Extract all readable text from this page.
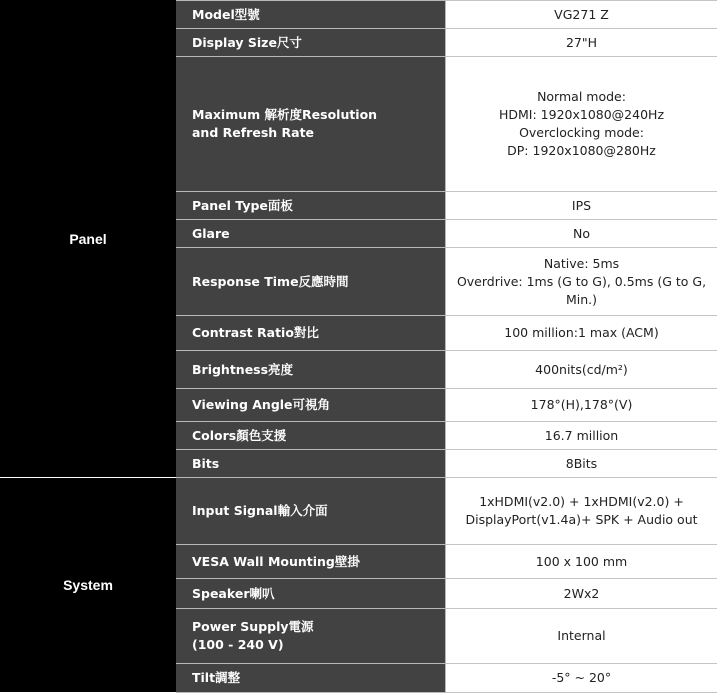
Panel	Model型號	VG271 Z
	Display Size尺寸	27"H
	Maximum 解析度Resolution
and Refresh Rate	Normal mode:
HDMI: 1920x1080@240Hz
Overclocking mode:
DP: 1920x1080@280Hz
	Panel Type面板	IPS
	Glare	No
	Response Time反應時間	Native: 5ms
Overdrive: 1ms (G to G), 0.5ms (G to G,
Min.)
	Contrast Ratio對比	100 million:1 max (ACM)
	Brightness亮度	400nits(cd/m²)
	Viewing Angle可視角	178°(H),178°(V)
	Colors顏色支援	16.7 million
	Bits	8Bits
System	Input Signal輸入介面	1xHDMI(v2.0) + 1xHDMI(v2.0) +
DisplayPort(v1.4a)+ SPK + Audio out
	VESA Wall Mounting壁掛	100 x 100 mm
	Speaker喇叭	2Wx2
	Power Supply電源
(100 - 240 V)	Internal
	Tilt調整	-5° ~ 20°
